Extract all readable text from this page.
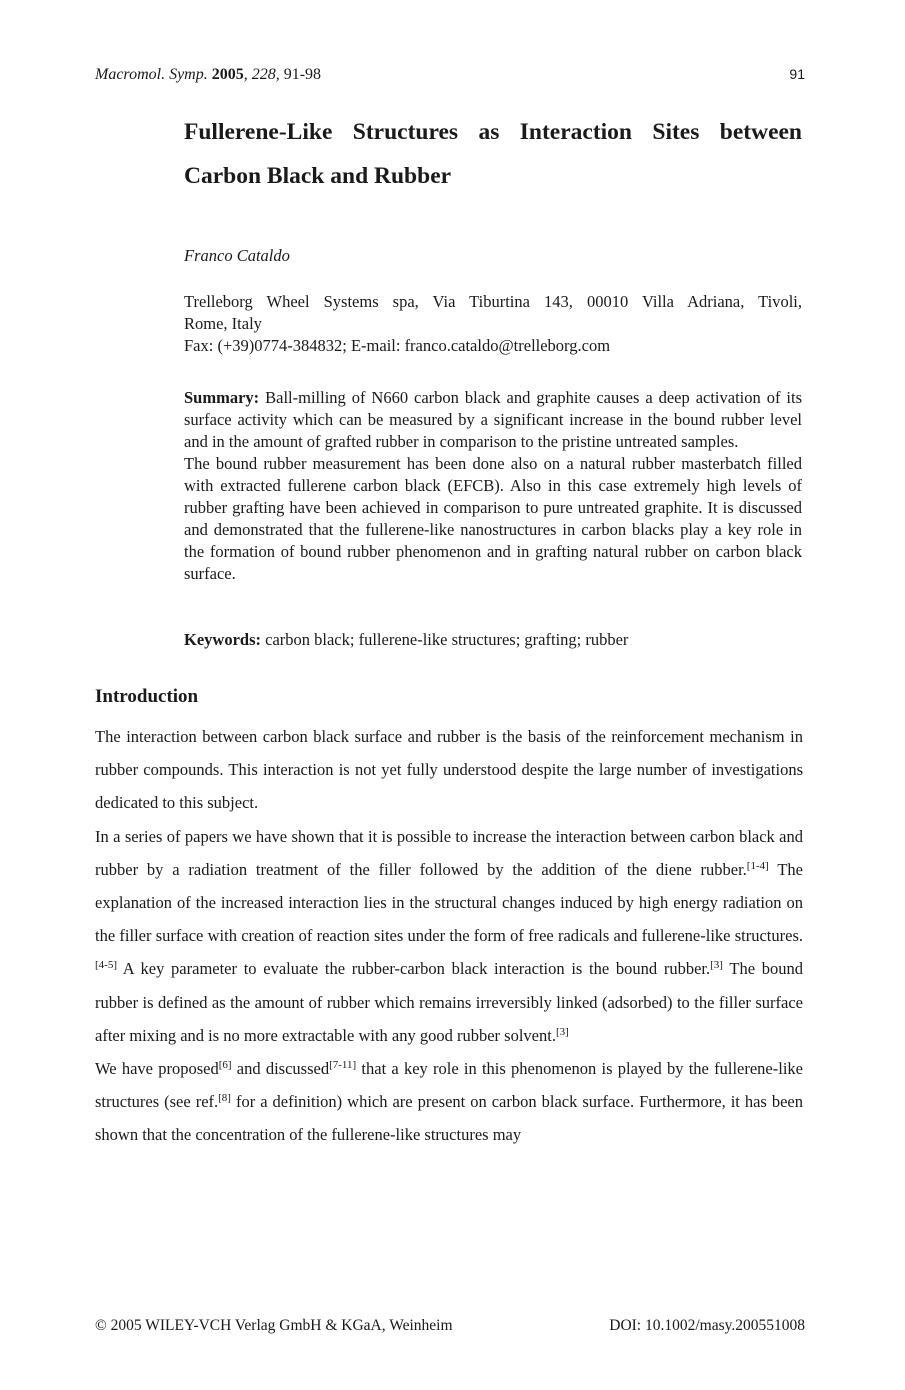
Macromol. Symp. 2005, 228, 91-98	91
Fullerene-Like Structures as Interaction Sites between
Carbon Black and Rubber
Franco Cataldo
Trelleborg Wheel Systems spa, Via Tiburtina 143, 00010 Villa Adriana, Tivoli,
Rome, Italy
Fax: (+39)0774-384832; E-mail: franco.cataldo@trelleborg.com

Summary: Ball-milling of N660 carbon black and graphite causes a deep activation of its surface activity which can be measured by a significant increase in the bound rubber level and in the amount of grafted rubber in comparison to the pristine untreated samples.

The bound rubber measurement has been done also on a natural rubber masterbatch filled with extracted fullerene carbon black (EFCB). Also in this case extremely high levels of rubber grafting have been achieved in comparison to pure untreated graphite. It is discussed and demonstrated that the fullerene-like nanostructures in carbon blacks play a key role in the formation of bound rubber phenomenon and in grafting natural rubber on carbon black surface.

Keywords: carbon black; fullerene-like structures; grafting; rubber
Introduction

The interaction between carbon black surface and rubber is the basis of the reinforcement mechanism in rubber compounds. This interaction is not yet fully understood despite the large number of investigations dedicated to this subject.

In a series of papers we have shown that it is possible to increase the interaction between carbon black and rubber by a radiation treatment of the filler followed by the addition of the diene rubber.[1-4] The explanation of the increased interaction lies in the structural changes induced by high energy radiation on the filler surface with creation of reaction sites under the form of free radicals and fullerene-like structures.[4-5] A key parameter to evaluate the rubber-carbon black interaction is the bound rubber.[3] The bound rubber is defined as the amount of rubber which remains irreversibly linked (adsorbed) to the filler surface after mixing and is no more extractable with any good rubber solvent.[3]

We have proposed[6] and discussed[7-11] that a key role in this phenomenon is played by the fullerene-like structures (see ref.[8] for a definition) which are present on carbon black surface. Furthermore, it has been shown that the concentration of the fullerene-like structures may

© 2005 WILEY-VCH Verlag GmbH & KGaA, Weinheim	DOI: 10.1002/masy.200551008
